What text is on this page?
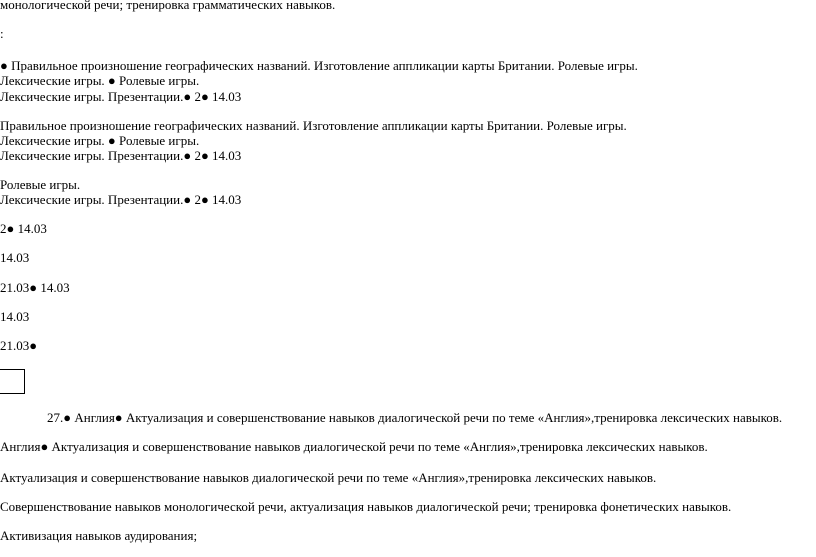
монологической речи; тренировка грамматических навыков.
:
● Правильное произношение географических названий. Изготовление аппликации карты Британии. Ролевые игры.
Лексические игры. ● Ролевые игры.
Лексические игры. Презентации.● 2● 14.03
Правильное произношение географических названий. Изготовление аппликации карты Британии. Ролевые игры.
Лексические игры. ● Ролевые игры.
Лексические игры. Презентации.● 2● 14.03
Ролевые игры.
Лексические игры. Презентации.● 2● 14.03
2● 14.03
14.03
21.03● 14.03
14.03
21.03●
27.● Англия● Актуализация и совершенствование навыков диалогической речи по теме «Англия»,тренировка лексических навыков.
Англия● Актуализация и совершенствование навыков диалогической речи по теме «Англия»,тренировка лексических навыков.
Актуализация и совершенствование навыков диалогической речи по теме «Англия»,тренировка лексических навыков.
Совершенствование навыков монологической речи, актуализация навыков диалогической речи; тренировка фонетических навыков.
Активизация навыков аудирования;
